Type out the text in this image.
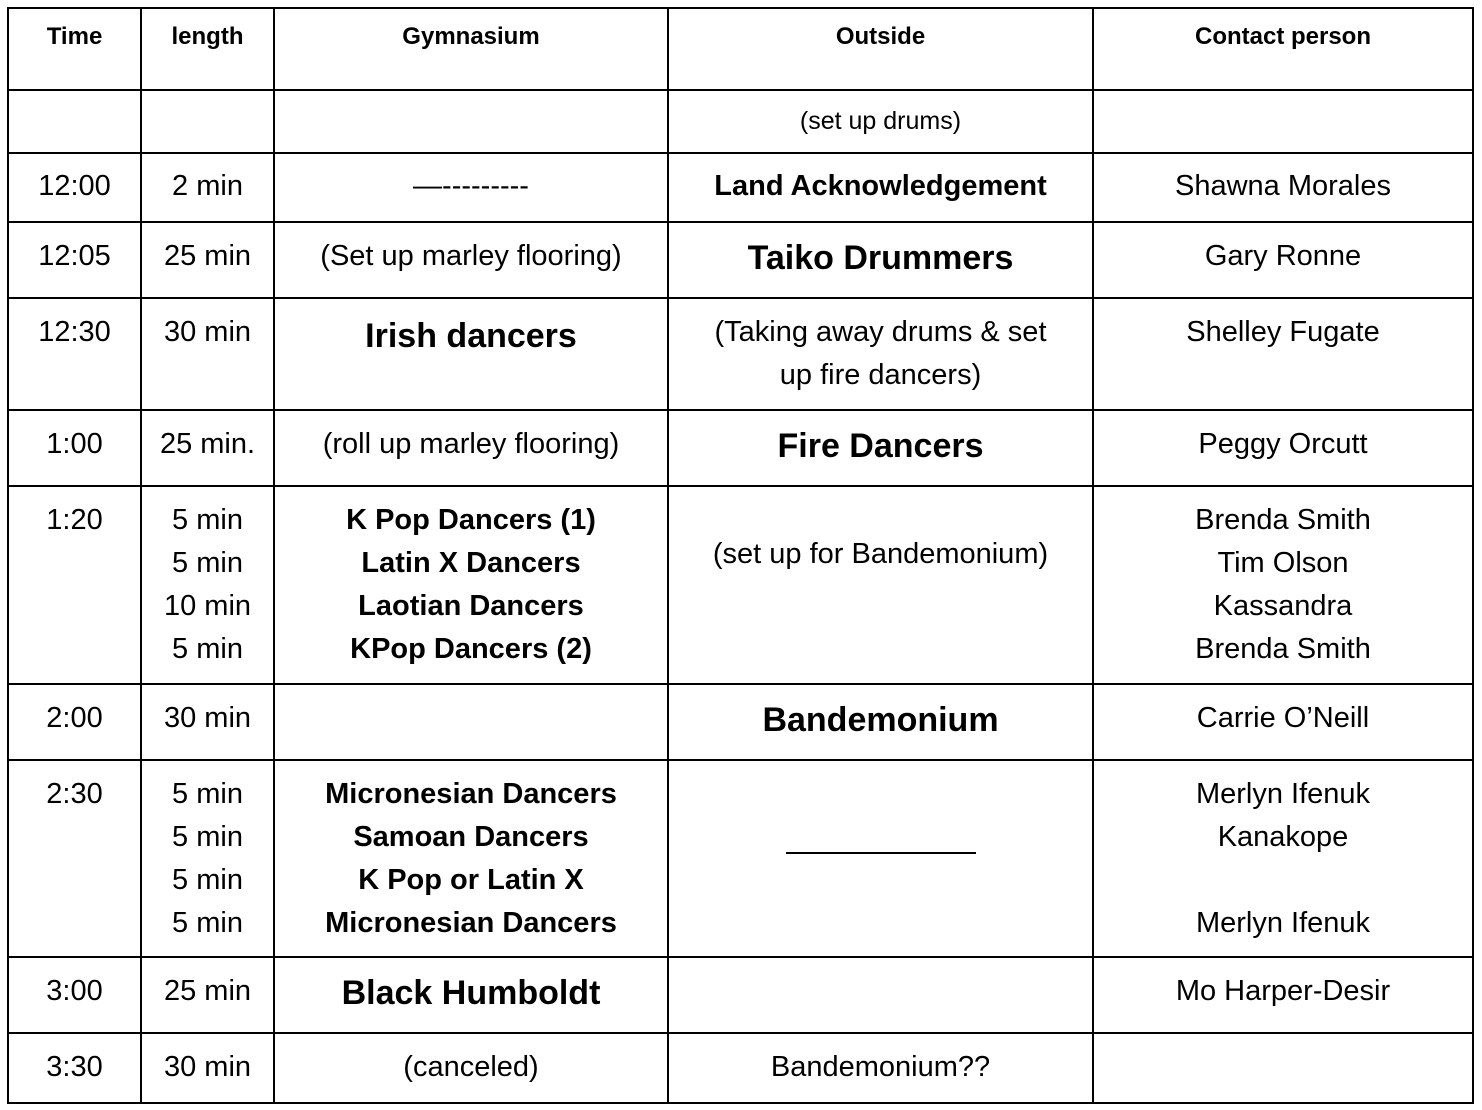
Time	length	Gymnasium	Outside	Contact person
			(set up drums)	
12:00	2 min	—---------	Land Acknowledgement	Shawna Morales

12:05	25 min	(Set up marley flooring)	Taiko Drummers	Gary Ronne

12:30	30 min	Irish dancers	(Taking away drums & set
up fire dancers)	Shelley Fugate

1:00	25 min.	(roll up marley flooring)	Fire Dancers	Peggy Orcutt

1:20	5 min
5 min
10 min
5 min	K Pop Dancers (1)
Latin X Dancers
Laotian Dancers
KPop Dancers (2)	(set up for Bandemonium)	Brenda Smith
Tim Olson
Kassandra
Brenda Smith

2:00	30 min		Bandemonium	Carrie O’Neill

2:30	5 min
5 min
5 min
5 min	Micronesian Dancers
Samoan Dancers
K Pop or Latin X
Micronesian Dancers		Merlyn Ifenuk
Kanakope
Merlyn Ifenuk

3:00	25 min	Black Humboldt		Mo Harper-Desir

3:30	30 min	(canceled)	Bandemonium??	
